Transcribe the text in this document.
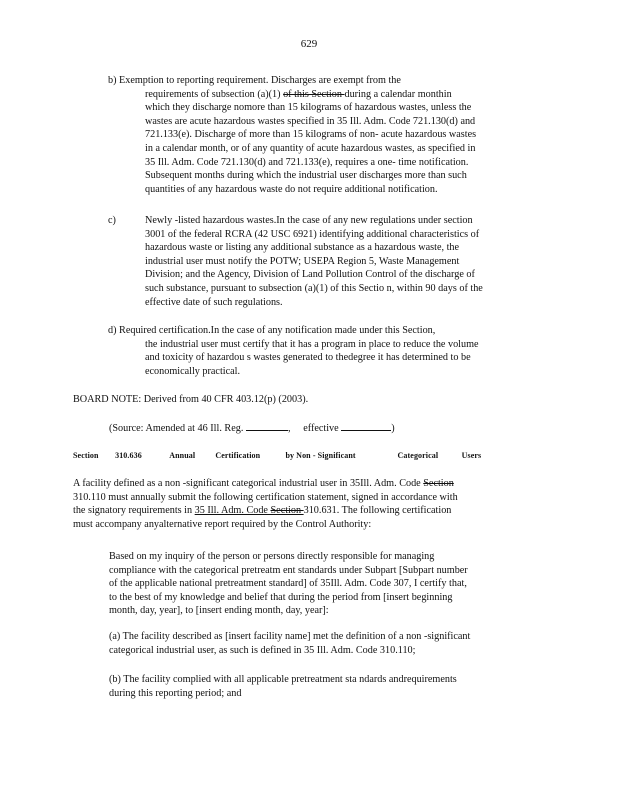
629
b) Exemption to reporting requirement. Discharges are exempt from the
requirements of subsection (a)(1) of this Section during a calendar monthin
which they discharge nomore than 15 kilograms of hazardous wastes, unless the
wastes are acute hazardous wastes specified in 35 Ill. Adm. Code 721.130(d) and
721.133(e). Discharge of more than 15 kilograms of non- acute hazardous wastes
in a calendar month, or of any quantity of acute hazardous wastes, as specified in
35 Ill. Adm. Code 721.130(d) and 721.133(e), requires a one- time notification.
Subsequent months during which the industrial user discharges more than such
quantities of any hazardous waste do not require additional notification.
c)	Newly -listed hazardous wastes.In the case of any new regulations under section
3001 of the federal RCRA (42 USC 6921) identifying additional characteristics of
hazardous waste or listing any additional substance as a hazardous waste, the
industrial user must notify the POTW; USEPA Region 5, Waste Management
Division; and the Agency, Division of Land Pollution Control of the discharge of
such substance, pursuant to subsection (a)(1) of this Sectio n, within 90 days of the
effective date of such regulations.
d) Required certification.In the case of any notification made under this Section,
the industrial user must certify that it has a program in place to reduce the volume
and toxicity of hazardou s wastes generated to thedegree it has determined to be
economically practical.
BOARD NOTE: Derived from 40 CFR 403.12(p) (2003).
(Source: Amended at 46 Ill. Reg.	, effective	)
Section 310.636	Annual	Certification	by Non - Significant	Categorical	Users
A facility defined as a non -significant categorical industrial user in 35Ill. Adm. Code Section
310.110 must annually submit the following certification statement, signed in accordance with
the signatory requirements in 35 Ill. Adm. Code Section 310.631. The following certification
must accompany anyalternative report required by the Control Authority:
Based on my inquiry of the person or persons directly responsible for managing
compliance with the categorical pretreatm ent standards under Subpart [Subpart number
of the applicable national pretreatment standard] of 35Ill. Adm. Code 307, I certify that,
to the best of my knowledge and belief that during the period from [insert beginning
month, day, year], to [insert ending month, day, year]:
(a) The facility described as [insert facility name] met the definition of a non -significant
categorical industrial user, as such is defined in 35 Ill. Adm. Code 310.110;
(b) The facility complied with all applicable pretreatment sta ndards andrequirements
during this reporting period; and
